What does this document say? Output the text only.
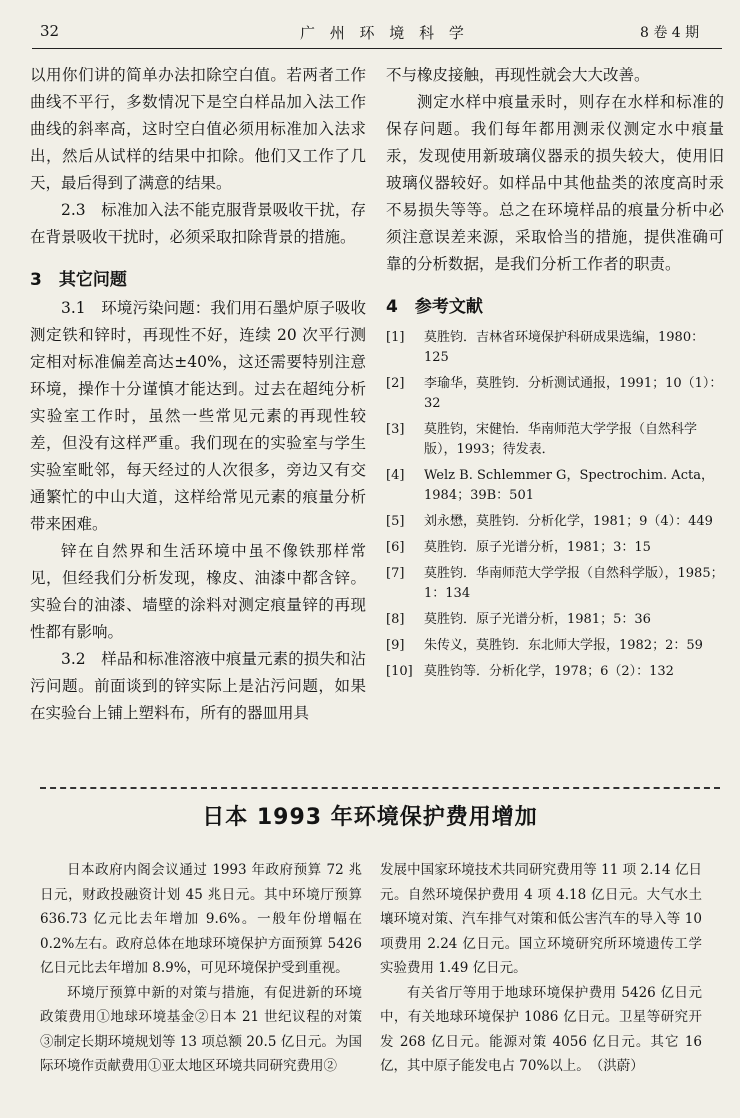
32	广 州 环 境 科 学	8 卷 4 期

以用你们讲的简单办法扣除空白值。若两者工作曲线不平行，多数情况下是空白样品加入法工作曲线的斜率高，这时空白值必须用标准加入法求出，然后从试样的结果中扣除。他们又工作了几天，最后得到了满意的结果。

2.3　标准加入法不能克服背景吸收干扰，存在背景吸收干扰时，必须采取扣除背景的措施。

3　其它问题

3.1　环境污染问题：我们用石墨炉原子吸收测定铁和锌时，再现性不好，连续 20 次平行测定相对标准偏差高达±40%，这还需要特别注意环境，操作十分谨慎才能达到。过去在超纯分析实验室工作时，虽然一些常见元素的再现性较差，但没有这样严重。我们现在的实验室与学生实验室毗邻，每天经过的人次很多，旁边又有交通繁忙的中山大道，这样给常见元素的痕量分析带来困难。

锌在自然界和生活环境中虽不像铁那样常见，但经我们分析发现，橡皮、油漆中都含锌。实验台的油漆、墙壁的涂料对测定痕量锌的再现性都有影响。

3.2　样品和标准溶液中痕量元素的损失和沾污问题。前面谈到的锌实际上是沾污问题，如果在实验台上铺上塑料布，所有的器皿用具

不与橡皮接触，再现性就会大大改善。

测定水样中痕量汞时，则存在水样和标准的保存问题。我们每年都用测汞仪测定水中痕量汞，发现使用新玻璃仪器汞的损失较大，使用旧玻璃仪器较好。如样品中其他盐类的浓度高时汞不易损失等等。总之在环境样品的痕量分析中必须注意误差来源，采取恰当的措施，提供准确可靠的分析数据，是我们分析工作者的职责。

4　参考文献

[1]	莫胜钧．吉林省环境保护科研成果选编，1980：125
[2]	李瑜华，莫胜钧．分析测试通报，1991；10（1）：32
[3]	莫胜钧，宋健怡．华南师范大学学报（自然科学版），1993；待发表．
[4]	Welz B. Schlemmer G，Spectrochim. Acta，1984；39B：501
[5]	刘永懋，莫胜钧．分析化学，1981；9（4）：449
[6]	莫胜钧．原子光谱分析，1981；3：15
[7]	莫胜钧．华南师范大学学报（自然科学版），1985；1：134
[8]	莫胜钧．原子光谱分析，1981；5：36
[9]	朱传义，莫胜钧．东北师大学报，1982；2：59
[10] 莫胜钧等．分析化学，1978；6（2）：132
日本 1993 年环境保护费用增加

日本政府内阁会议通过 1993 年政府预算 72 兆日元，财政投融资计划 45 兆日元。其中环境厅预算 636.73 亿元比去年增加 9.6%。一般年份增幅在 0.2%左右。政府总体在地球环境保护方面预算 5426 亿日元比去年增加 8.9%，可见环境保护受到重视。

环境厅预算中新的对策与措施，有促进新的环境政策费用①地球环境基金②日本 21 世纪议程的对策③制定长期环境规划等 13 项总额 20.5 亿日元。为国际环境作贡献费用①亚太地区环境共同研究费用②

发展中国家环境技术共同研究费用等 11 项 2.14 亿日元。自然环境保护费用 4 项 4.18 亿日元。大气水土壤环境对策、汽车排气对策和低公害汽车的导入等 10 项费用 2.24 亿日元。国立环境研究所环境遗传工学实验费用 1.49 亿日元。

有关省厅等用于地球环境保护费用 5426 亿日元中，有关地球环境保护 1086 亿日元。卫星等研究开发 268 亿日元。能源对策 4056 亿日元。其它 16 亿，其中原子能发电占 70%以上。　（洪蔚）
